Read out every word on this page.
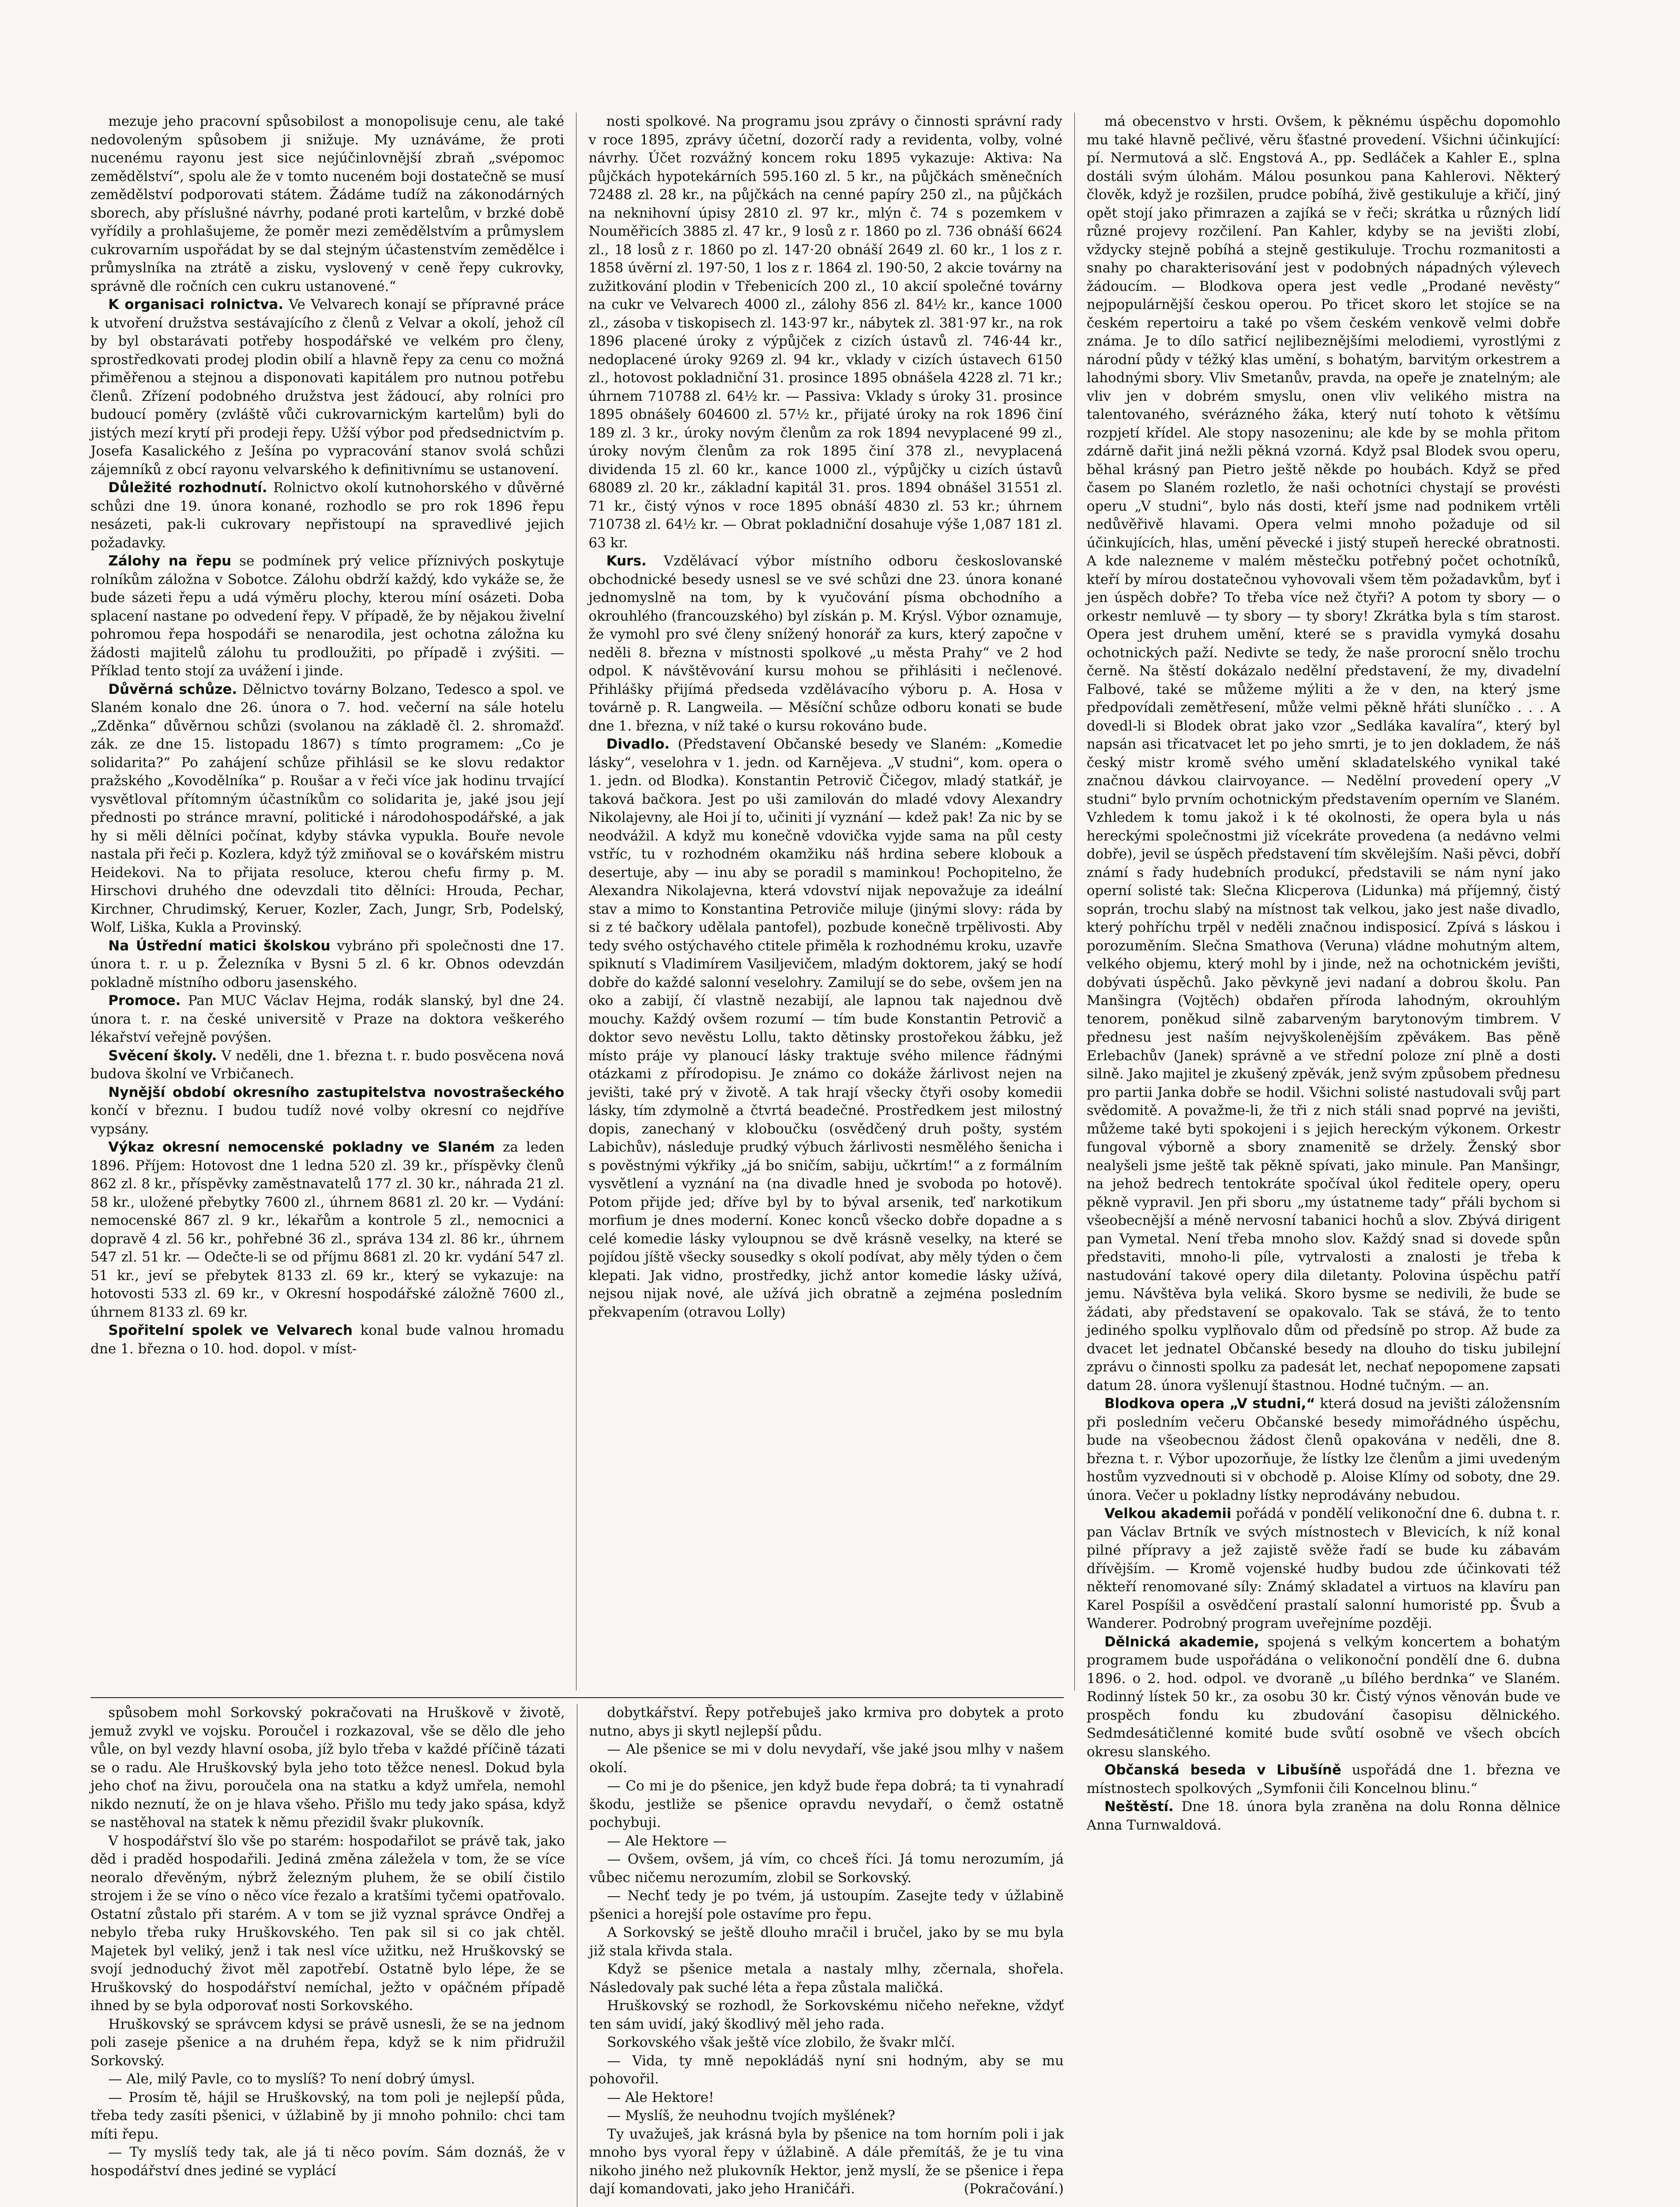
mezuje jeho pracovní spůsobilost a monopolisuje cenu, ale také nedovoleným spůsobem ji snižuje. My uznáváme, že proti nucenému rayonu jest sice nejúčinlovnější zbraň „svépomoc zemědělství“, spolu ale že v tomto nuceném boji dostatečně se musí zemědělství podporovati státem. Žádáme tudíž na zákonodárných sborech, aby příslušné návrhy, podané proti kartelům, v brzké době vyřídily a prohlašujeme, že poměr mezi zemědělstvím a průmyslem cukrovarním uspořádat by se dal stejným účastenstvím zemědělce i průmyslníka na ztrátě a zisku, vyslovený v ceně řepy cukrovky, správně dle ročních cen cukru ustanovené.“

K organisaci rolnictva. Ve Velvarech konají se přípravné práce k utvoření družstva sestávajícího z členů z Velvar a okolí, jehož cíl by byl obstarávati potřeby hospodářské ve velkém pro členy, sprostředkovati prodej plodin obilí a hlavně řepy za cenu co možná přiměřenou a stejnou a disponovati kapitálem pro nutnou potřebu členů. Zřízení podobného družstva jest žádoucí, aby rolníci pro budoucí poměry (zvláště vůči cukrovarnickým kartelům) byli do jistých mezí krytí při prodeji řepy. Užší výbor pod předsednictvím p. Josefa Kasalického z Ješína po vypracování stanov svolá schůzi zájemníků z obcí rayonu velvarského k definitivnímu se ustanovení.

Důležité rozhodnutí. Rolnictvo okolí kutnohorského v důvěrné schůzi dne 19. února konané, rozhodlo se pro rok 1896 řepu nesázeti, pak-li cukrovary nepřistoupí na spravedlivé jejich požadavky.

Zálohy na řepu se podmínek prý velice příznivých poskytuje rolníkům záložna v Sobotce. Zálohu obdrží každý, kdo vykáže se, že bude sázeti řepu a udá výměru plochy, kterou míní osázeti. Doba splacení nastane po odvedení řepy. V případě, že by nějakou živelní pohromou řepa hospodáři se nenarodila, jest ochotna záložna ku žádosti majitelů zálohu tu prodloužiti, po případě i zvýšiti. — Příklad tento stojí za uvážení i jinde.

Důvěrná schůze. Dělnictvo továrny Bolzano, Tedesco a spol. ve Slaném konalo dne 26. února o 7. hod. večerní na sále hotelu „Zděnka“ důvěrnou schůzi (svolanou na základě čl. 2. shromažď. zák. ze dne 15. listopadu 1867) s tímto programem: „Co je solidarita?“ Po zahájení schůze přihlásil se ke slovu redaktor pražského „Kovodělníka“ p. Roušar a v řeči více jak hodinu trvající vysvětloval přítomným účastníkům co solidarita je, jaké jsou její přednosti po stránce mravní, politické i národohospodářské, a jak hy si měli dělníci počínat, kdyby stávka vypukla. Bouře nevole nastala při řeči p. Kozlera, když týž zmiňoval se o kovářském mistru Heidekovi. Na to přijata resoluce, kterou chefu firmy p. M. Hirschovi druhého dne odevzdali tito dělníci: Hrouda, Pechar, Kirchner, Chrudimský, Keruer, Kozler, Zach, Jungr, Srb, Podelský, Wolf, Liška, Kukla a Provinský.

Na Ústřední matici školskou vybráno při společnosti dne 17. února t. r. u p. Železníka v Bysni 5 zl. 6 kr. Obnos odevzdán pokladně místního odboru jasenského.

Promoce. Pan MUC Václav Hejma, rodák slanský, byl dne 24. února t. r. na české universitě v Praze na doktora veškerého lékařství veřejně povýšen.

Svěcení školy. V neděli, dne 1. března t. r. budo posvěcena nová budova školní ve Vrbičanech.

Nynější období okresního zastupitelstva novostrašeckého končí v březnu. I budou tudíž nové volby okresní co nejdříve vypsány.

Výkaz okresní nemocenské pokladny ve Slaném za leden 1896. Příjem: Hotovost dne 1 ledna 520 zl. 39 kr., příspěvky členů 862 zl. 8 kr., příspěvky zaměstnavatelů 177 zl. 30 kr., náhrada 21 zl. 58 kr., uložené přebytky 7600 zl., úhrnem 8681 zl. 20 kr. — Vydání: nemocenské 867 zl. 9 kr., lékařům a kontrole 5 zl., nemocnici a dopravě 4 zl. 56 kr., pohřebné 36 zl., správa 134 zl. 86 kr., úhrnem 547 zl. 51 kr. — Odečte-li se od příjmu 8681 zl. 20 kr. vydání 547 zl. 51 kr., jeví se přebytek 8133 zl. 69 kr., který se vykazuje: na hotovosti 533 zl. 69 kr., v Okresní hospodářské záložně 7600 zl., úhrnem 8133 zl. 69 kr.

Spořitelní spolek ve Velvarech konal bude valnou hromadu dne 1. března o 10. hod. dopol. v míst-

nosti spolkové. Na programu jsou zprávy o činnosti správní rady v roce 1895, zprávy účetní, dozorčí rady a revidenta, volby, volné návrhy. Účet rozvážný koncem roku 1895 vykazuje: Aktiva: Na půjčkách hypotekárních 595.160 zl. 5 kr., na půjčkách směnečních 72488 zl. 28 kr., na půjčkách na cenné papíry 250 zl., na půjčkách na neknihovní úpisy 2810 zl. 97 kr., mlýn č. 74 s pozemkem v Nouměřicích 3885 zl. 47 kr., 9 losů z r. 1860 po zl. 736 obnáší 6624 zl., 18 losů z r. 1860 po zl. 147·20 obnáší 2649 zl. 60 kr., 1 los z r. 1858 úvěrní zl. 197·50, 1 los z r. 1864 zl. 190·50, 2 akcie továrny na zužitkování plodin v Třebenicích 200 zl., 10 akcií společné továrny na cukr ve Velvarech 4000 zl., zálohy 856 zl. 84½ kr., kance 1000 zl., zásoba v tiskopisech zl. 143·97 kr., nábytek zl. 381·97 kr., na rok 1896 placené úroky z výpůjček z cizích ústavů zl. 746·44 kr., nedoplacené úroky 9269 zl. 94 kr., vklady v cizích ústavech 6150 zl., hotovost pokladniční 31. prosince 1895 obnášela 4228 zl. 71 kr.; úhrnem 710788 zl. 64½ kr. — Passiva: Vklady s úroky 31. prosince 1895 obnášely 604600 zl. 57½ kr., přijaté úroky na rok 1896 činí 189 zl. 3 kr., úroky novým členům za rok 1894 nevyplacené 99 zl., úroky novým členům za rok 1895 činí 378 zl., nevyplacená dividenda 15 zl. 60 kr., kance 1000 zl., výpůjčky u cizích ústavů 68089 zl. 20 kr., základní kapitál 31. pros. 1894 obnášel 31551 zl. 71 kr., čistý výnos v roce 1895 obnáší 4830 zl. 53 kr.; úhrnem 710738 zl. 64½ kr. — Obrat pokladniční dosahuje výše 1,087 181 zl. 63 kr.

Kurs. Vzdělávací výbor místního odboru českoslovanské obchodnické besedy usnesl se ve své schůzi dne 23. února konané jednomyslně na tom, by k vyučování písma obchodního a okrouhlého (francouzského) byl získán p. M. Krýsl. Výbor oznamuje, že vymohl pro své členy snížený honorář za kurs, který započne v neděli 8. března v místnosti spolkové „u města Prahy“ ve 2 hod odpol. K návštěvování kursu mohou se přihlásiti i nečlenové. Přihlášky přijímá předseda vzdělávacího výboru p. A. Hosa v továrně p. R. Langweila. — Měsíční schůze odboru konati se bude dne 1. března, v níž také o kursu rokováno bude.

Divadlo. (Představení Občanské besedy ve Slaném: „Komedie lásky“, veselohra v 1. jedn. od Karnějeva. „V studni“, kom. opera o 1. jedn. od Blodka). Konstantin Petrovič Čičegov, mladý statkář, je taková bačkora. Jest po uši zamilován do mladé vdovy Alexandry Nikolajevny, ale Hoi jí to, učiniti jí vyznání — kdež pak! Za nic by se neodvážil. A když mu konečně vdovička vyjde sama na půl cesty vstříc, tu v rozhodném okamžiku náš hrdina sebere klobouk a desertuje, aby — inu aby se poradil s maminkou! Pochopitelno, že Alexandra Nikolajevna, která vdovství nijak nepovažuje za ideální stav a mimo to Konstantina Petroviče miluje (jinými slovy: ráda by si z té bačkory udělala pantofel), pozbude konečně trpělivosti. Aby tedy svého ostýchavého ctitele přiměla k rozhodnému kroku, uzavře spiknutí s Vladimírem Vasiljevičem, mladým doktorem, jaký se hodí dobře do každé salonní veselohry. Zamilují se do sebe, ovšem jen na oko a zabijí, čí vlastně nezabijí, ale lapnou tak najednou dvě mouchy. Každý ovšem rozumí — tím bude Konstantin Petrovič a doktor sevo nevěstu Lollu, takto dětinsky prostořekou žábku, jež místo práje vy planoucí lásky traktuje svého milence řádnými otázkami z přírodopisu. Je známo co dokáže žárlivost nejen na jevišti, také prý v životě. A tak hrají všecky čtyři osoby komedii lásky, tím zdymolně a čtvrtá beadečné. Prostředkem jest milostný dopis, zanechaný v kloboučku (osvědčený druh pošty, systém Labichův), následuje prudký výbuch žárlivosti nesmělého šenicha i s pověstnými výkřiky „já bo sničím, sabiju, učkrtím!“ a z formálním vysvětlení a vyznání na (na divadle hned je svoboda po hotově). Potom přijde jed; dříve byl by to býval arsenik, teď narkotikum morfium je dnes moderní. Konec konců všecko dobře dopadne a s celé komedie lásky vyloupnou se dvě krásně veselky, na které se pojídou jíště všecky sousedky s okolí podívat, aby měly týden o čem klepati. Jak vidno, prostředky, jichž antor komedie lásky užívá, nejsou nijak nové, ale užívá jich obratně a zejména posledním překvapením (otravou Lolly)

má obecenstvo v hrsti. Ovšem, k pěknému úspěchu dopomohlo mu také hlavně pečlivé, věru šťastné provedení. Všichni účinkující: pí. Nermutová a slč. Engstová A., pp. Sedláček a Kahler E., splna dostáli svým úlohám. Málou posunkou pana Kahlerovi. Některý člověk, když je rozšilen, prudce pobíhá, živě gestikuluje a křičí, jiný opět stojí jako přimrazen a zajíká se v řeči; skrátka u různých lidí různé projevy rozčilení. Pan Kahler, kdyby se na jevišti zlobí, vždycky stejně pobíhá a stejně gestikuluje. Trochu rozmanitosti a snahy po charakterisování jest v podobných nápadných výlevech žádoucím. — Blodkova opera jest vedle „Prodané nevěsty“ nejpopulárnější českou operou. Po třicet skoro let stojíce se na českém repertoiru a také po všem českém venkově velmi dobře známa. Je to dílo satřicí nejlibeznějšími melodiemi, vyrostlými z národní půdy v téžký klas umění, s bohatým, barvitým orkestrem a lahodnými sbory. Vliv Smetanův, pravda, na opeře je znatelným; ale vliv jen v dobrém smyslu, onen vliv velikého mistra na talentovaného, svérázného žáka, který nutí tohoto k většímu rozpjetí křídel. Ale stopy nasozeninu; ale kde by se mohla přitom zdárně dařit jiná nežli pěkná vzorná. Když psal Blodek svou operu, běhal krásný pan Pietro ještě někde po houbách. Když se před časem po Slaném rozletlo, že naši ochotníci chystají se provésti operu „V studni“, bylo nás dosti, kteří jsme nad podnikem vrtěli nedůvěřivě hlavami. Opera velmi mnoho požaduje od sil účinkujících, hlas, umění pěvecké i jistý stupeň herecké obratnosti. A kde nalezneme v malém městečku potřebný počet ochotníků, kteří by mírou dostatečnou vyhovovali všem těm požadavkům, byť i jen úspěch dobře? To třeba více než čtyři? A potom ty sbory — o orkestr nemluvě — ty sbory — ty sbory! Zkrátka byla s tím starost. Opera jest druhem umění, které se s pravidla vymyká dosahu ochotnických paží. Nedivte se tedy, že naše prorocní snělo trochu černě. Na štěstí dokázalo nedělní představení, že my, divadelní Falbové, také se můžeme mýliti a že v den, na který jsme předpovídali zemětřesení, může velmi pěkně hřáti sluníčko . . . A dovedl-li si Blodek obrat jako vzor „Sedláka kavalíra“, který byl napsán asi třicatvacet let po jeho smrti, je to jen dokladem, že náš český mistr kromě svého umění skladatelského vynikal také značnou dávkou clairvoyance. — Nedělní provedení opery „V studni“ bylo prvním ochotnickým představením operním ve Slaném. Vzhledem k tomu jakož i k té okolnosti, že opera byla u nás hereckými společnostmi již vícekráte provedena (a nedávno velmi dobře), jevil se úspěch představení tím skvělejším. Naši pěvci, dobří známí s řady hudebních produkcí, představili se nám nyní jako operní solisté tak: Slečna Klicperova (Lidunka) má příjemný, čistý soprán, trochu slabý na místnost tak velkou, jako jest naše divadlo, který pohříchu trpěl v neděli značnou indisposicí. Zpívá s láskou i porozuměním. Slečna Smathova (Veruna) vládne mohutným altem, velkého objemu, který mohl by i jinde, než na ochotnickém jevišti, dobývati úspěchů. Jako pěvkyně jevi nadaní a dobrou školu. Pan Manšingra (Vojtěch) obdařen příroda lahodným, okrouhlým tenorem, poněkud silně zabarveným barytonovým timbrem. V přednesu jest naším nejvyškolenějším zpěvákem. Bas pěně Erlebachův (Janek) správně a ve střední poloze zní plně a dosti silně. Jako majitel je zkušený zpěvák, jenž svým způsobem přednesu pro partii Janka dobře se hodil. Všichni solisté nastudovali svůj part svědomitě. A považme-li, že tři z nich stáli snad poprvé na jevišti, můžeme také byti spokojeni i s jejich hereckým výkonem. Orkestr fungoval výborně a sbory znamenitě se držely. Ženský sbor nealyšeli jsme ještě tak pěkně spívati, jako minule. Pan Manšingr, na jehož bedrech tentokráte spočíval úkol ředitele opery, operu pěkně vypravil. Jen při sboru „my ústatneme tady“ přáli bychom si všeobecnější a méně nervosní tabanici hochů a slov. Zbývá dirigent pan Vymetal. Není třeba mnoho slov. Každý snad si dovede spůn představiti, mnoho-li píle, vytrvalosti a znalosti je třeba k nastudování takové opery dila diletanty. Polovina úspěchu patří jemu. Návštěva byla veliká. Skoro bysme se nedivili, že bude se žádati, aby představení se opakovalo. Tak se stává, že to tento jediného spolku vyplňovalo dům od předsíně po strop. Až bude za dvacet let jednatel Občanské besedy na dlouho do tisku jubilejní zprávu o činnosti spolku za padesát let, nechať nepopomene zapsati datum 28. února vyšlenují štastnou. Hodné tučným. — an.

Blodkova opera „V studni,“ která dosud na jevišti záložensním při posledním večeru Občanské besedy mimořádného úspěchu, bude na všeobecnou žádost členů opakována v neděli, dne 8. března t. r. Výbor upozorňuje, že lístky lze členům a jimi uvedeným hostům vyzvednouti si v obchodě p. Aloise Klímy od soboty, dne 29. února. Večer u pokladny lístky neprodávány nebudou.

Velkou akademii pořádá v pondělí velikonoční dne 6. dubna t. r. pan Václav Brtník ve svých místnostech v Blevicích, k níž konal pilné přípravy a jež zajistě svěže řadí se bude ku zábavám dřívějším. — Kromě vojenské hudby budou zde účinkovati též někteří renomované síly: Známý skladatel a virtuos na klavíru pan Karel Pospíšil a osvědčení prastalí salonní humoristé pp. Švub a Wanderer. Podrobný program uveřejníme později.

Dělnická akademie, spojená s velkým koncertem a bohatým programem bude uspořádána o velikonoční pondělí dne 6. dubna 1896. o 2. hod. odpol. ve dvoraně „u bílého berdnka“ ve Slaném. Rodinný lístek 50 kr., za osobu 30 kr. Čistý výnos věnován bude ve prospěch fondu ku zbudování časopisu dělnického. Sedmdesátičlenné komité bude svůtí osobně ve všech obcích okresu slanského.

Občanská beseda v Libušíně uspořádá dne 1. března ve místnostech spolkových „Symfonii čili Koncelnou blinu.“

Neštěstí. Dne 18. února byla zraněna na dolu Ronna dělnice Anna Turnwaldová.

spůsobem mohl Sorkovský pokračovati na Hruškově v životě, jemuž zvykl ve vojsku. Poroučel i rozkazoval, vše se dělo dle jeho vůle, on byl vezdy hlavní osoba, jíž bylo třeba v každé příčině tázati se o radu. Ale Hruškovský byla jeho toto těžce nenesl. Dokud byla jeho choť na živu, poroučela ona na statku a když umřela, nemohl nikdo neznutí, že on je hlava všeho. Přišlo mu tedy jako spása, když se nastěhoval na statek k němu přezidil švakr plukovník.

V hospodářství šlo vše po starém: hospodařilot se právě tak, jako děd i praděd hospodařili. Jediná změna záležela v tom, že se více neoralo dřevěným, nýbrž železným pluhem, že se obilí čistilo strojem i že se víno o něco více řezalo a kratšími tyčemi opatřovalo. Ostatní zůstalo při starém. A v tom se již vyznal správce Ondřej a nebylo třeba ruky Hruškovského. Ten pak sil si co jak chtěl. Majetek byl veliký, jenž i tak nesl více užitku, než Hruškovský se svojí jednoduchý život měl zapotřebí. Ostatně bylo lépe, že se Hruškovský do hospodářství nemíchal, ježto v opáčném případě ihned by se byla odporovať nosti Sorkovského.

Hruškovský se správcem kdysi se právě usnesli, že se na jednom poli zaseje pšenice a na druhém řepa, když se k nim přidružil Sorkovský.

— Ale, milý Pavle, co to myslíš? To není dobrý úmysl.

— Prosím tě, hájil se Hruškovský, na tom poli je nejlepší půda, třeba tedy zasíti pšenici, v úžlabině by ji mnoho pohnilo: chci tam míti řepu.

— Ty myslíš tedy tak, ale já ti něco povím. Sám doznáš, že v hospodářství dnes jediné se vyplácí

dobytkářství. Řepy potřebuješ jako krmiva pro dobytek a proto nutno, abys ji skytl nejlepší půdu.

— Ale pšenice se mi v dolu nevydaří, vše jaké jsou mlhy v našem okolí.

— Co mi je do pšenice, jen když bude řepa dobrá; ta ti vynahradí škodu, jestliže se pšenice opravdu nevydaří, o čemž ostatně pochybuji.

— Ale Hektore —

— Ovšem, ovšem, já vím, co chceš říci. Já tomu nerozumím, já vůbec ničemu nerozumím, zlobil se Sorkovský.

— Nechť tedy je po tvém, já ustoupím. Zasejte tedy v úžlabině pšenici a horejší pole ostavíme pro řepu.

A Sorkovský se ještě dlouho mračil i bručel, jako by se mu byla již stala křivda stala.

Když se pšenice metala a nastaly mlhy, zčernala, shořela. Následovaly pak suché léta a řepa zůstala maličká.

Hruškovský se rozhodl, že Sorkovskému ničeho neřekne, vždyť ten sám uvidí, jaký škodlivý měl jeho rada.

Sorkovského však ještě více zlobilo, že švakr mlčí.

— Vida, ty mně nepokládáš nyní sni hodným, aby se mu pohovořil.

— Ale Hektore!

— Myslíš, že neuhodnu tvojích myšlének?

Ty uvažuješ, jak krásná byla by pšenice na tom horním poli i jak mnoho bys vyoral řepy v úžlabině. A dále přemítáš, že je tu vina nikoho jiného než plukovník Hektor, jenž myslí, že se pšenice i řepa dají komandovati, jako jeho Hraničáři.	(Pokračování.)
